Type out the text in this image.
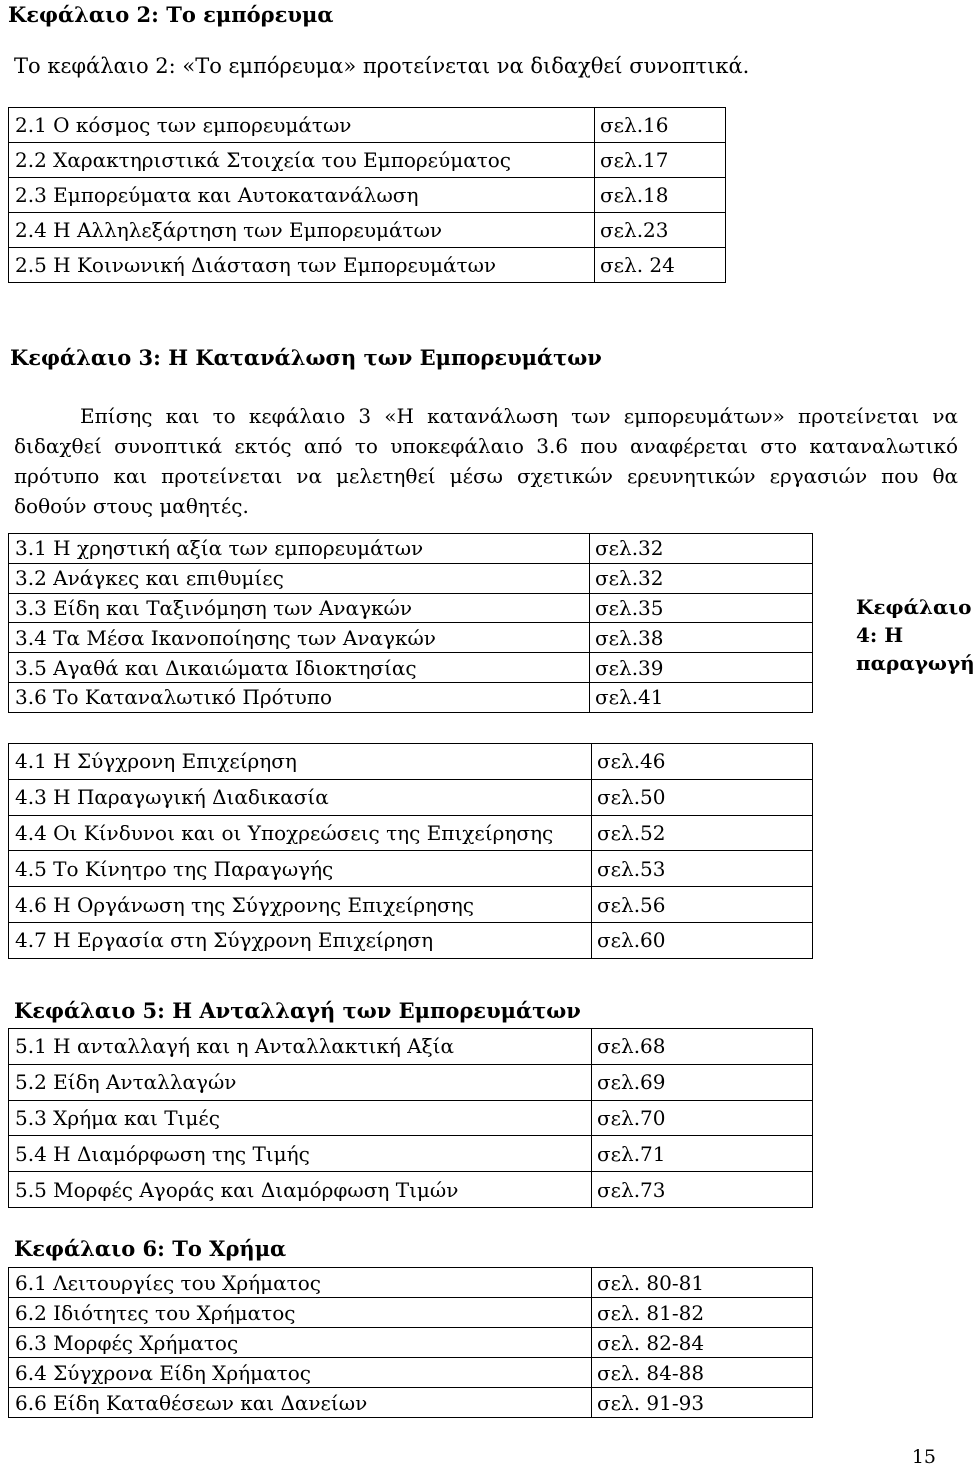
Κεφάλαιο 2: Το εμπόρευμα
Το κεφάλαιο 2: «Το εμπόρευμα» προτείνεται να διδαχθεί συνοπτικά.
2.1 Ο κόσμος των εμπορευμάτων	σελ.16
2.2 Χαρακτηριστικά Στοιχεία του Εμπορεύματος	σελ.17
2.3 Εμπορεύματα και Αυτοκατανάλωση	σελ.18
2.4 Η Αλληλεξάρτηση των Εμπορευμάτων	σελ.23
2.5 Η Κοινωνική Διάσταση των Εμπορευμάτων	σελ. 24
Κεφάλαιο 3: Η Κατανάλωση των Εμπορευμάτων
Επίσης και το κεφάλαιο 3 «Η κατανάλωση των εμπορευμάτων» προτείνεται να διδαχθεί συνοπτικά εκτός από το υποκεφάλαιο 3.6 που αναφέρεται στο καταναλωτικό πρότυπο και προτείνεται να μελετηθεί μέσω σχετικών ερευνητικών εργασιών που θα δοθούν στους μαθητές.
3.1 Η χρηστική αξία των εμπορευμάτων	σελ.32
3.2 Ανάγκες και επιθυμίες	σελ.32
3.3 Είδη και Ταξινόμηση των Αναγκών	σελ.35
3.4 Τα Μέσα Ικανοποίησης των Αναγκών	σελ.38
3.5 Αγαθά και Δικαιώματα Ιδιοκτησίας	σελ.39
3.6 Το Καταναλωτικό Πρότυπο	σελ.41
Κεφάλαιο 4: Η παραγωγή
4.1 Η Σύγχρονη Επιχείρηση	σελ.46
4.3 Η Παραγωγική Διαδικασία	σελ.50
4.4 Οι Κίνδυνοι και οι Υποχρεώσεις της Επιχείρησης	σελ.52
4.5 Το Κίνητρο της Παραγωγής	σελ.53
4.6 Η Οργάνωση της Σύγχρονης Επιχείρησης	σελ.56
4.7 Η Εργασία στη Σύγχρονη Επιχείρηση	σελ.60
Κεφάλαιο 5: Η Ανταλλαγή των Εμπορευμάτων
5.1 Η ανταλλαγή και η Ανταλλακτική Αξία	σελ.68
5.2 Είδη Ανταλλαγών	σελ.69
5.3 Χρήμα και Τιμές	σελ.70
5.4 Η Διαμόρφωση της Τιμής	σελ.71
5.5 Μορφές Αγοράς και Διαμόρφωση Τιμών	σελ.73
Κεφάλαιο 6: Το Χρήμα
6.1 Λειτουργίες του Χρήματος	σελ. 80-81
6.2 Ιδιότητες του Χρήματος	σελ. 81-82
6.3 Μορφές Χρήματος	σελ. 82-84
6.4 Σύγχρονα Είδη Χρήματος	σελ. 84-88
6.6 Είδη Καταθέσεων και Δανείων	σελ. 91-93
15
